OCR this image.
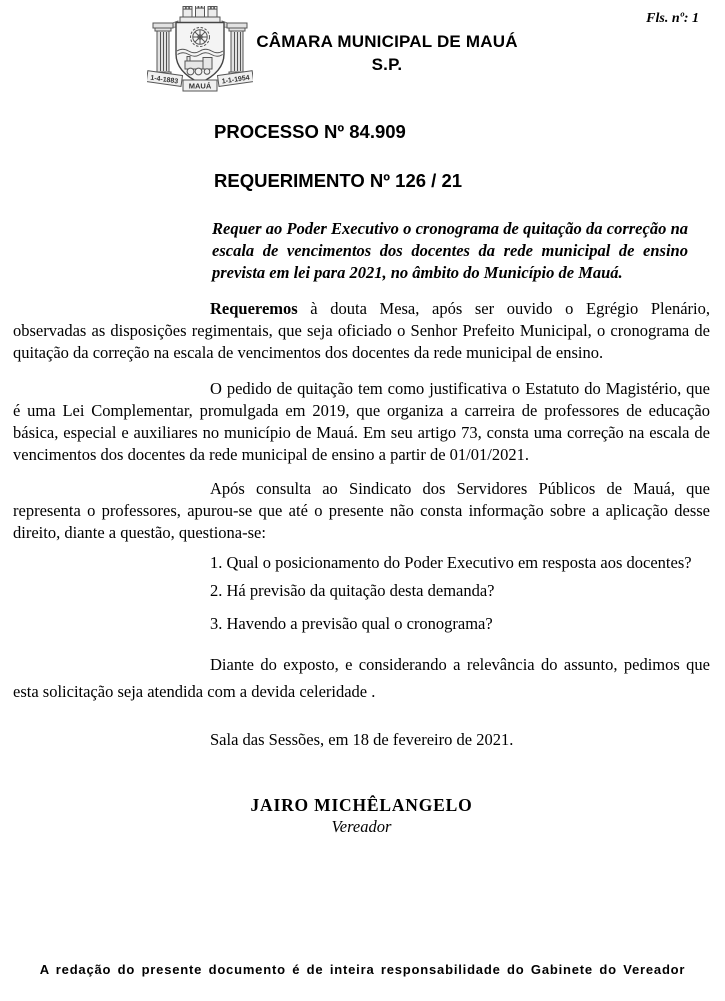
Fls. nº: 1
1-4-1883	1-1-1954
MAUÁ
CÂMARA MUNICIPAL DE MAUÁ
S.P.
PROCESSO Nº 84.909
REQUERIMENTO Nº 126 / 21

Requer ao Poder Executivo o cronograma de quitação da correção na escala de vencimentos dos docentes da rede municipal de ensino prevista em lei para 2021, no âmbito do Município de Mauá.

Requeremos à douta Mesa, após ser ouvido o Egrégio Plenário, observadas as disposições regimentais, que seja oficiado o Senhor Prefeito Municipal, o cronograma de quitação da correção na escala de vencimentos dos docentes da rede municipal de ensino.

O pedido de quitação tem como justificativa o Estatuto do Magistério, que é uma Lei Complementar, promulgada em 2019, que organiza a carreira de professores de educação básica, especial e auxiliares no município de Mauá. Em seu artigo 73, consta uma correção na escala de vencimentos dos docentes da rede municipal de ensino a partir de 01/01/2021.

Após consulta ao Sindicato dos Servidores Públicos de Mauá, que representa o professores, apurou-se que até o presente não consta informação sobre a aplicação desse direito, diante a questão, questiona-se:

1. Qual o posicionamento do Poder Executivo em resposta aos docentes?

2. Há previsão da quitação desta demanda?

3. Havendo a previsão qual o cronograma?

Diante do exposto, e considerando a relevância do assunto, pedimos que esta solicitação seja atendida com a devida celeridade .

Sala das Sessões, em 18 de fevereiro de 2021.

JAIRO MICHÊLANGELO
Vereador
A redação do presente documento é de inteira responsabilidade do Gabinete do Vereador
